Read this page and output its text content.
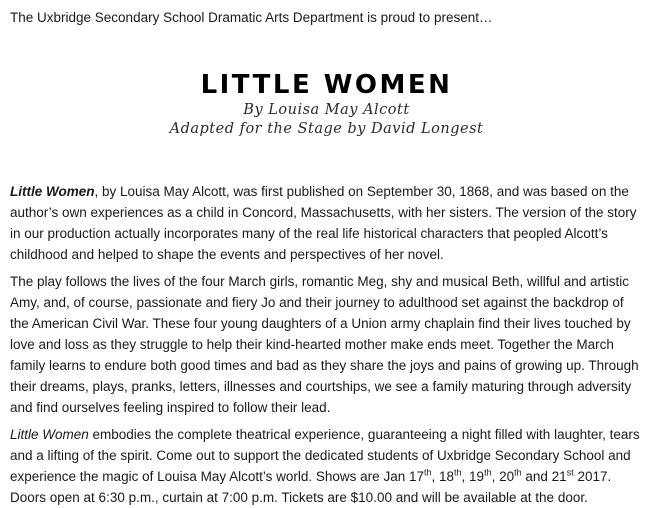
The Uxbridge Secondary School Dramatic Arts Department is proud to present…
LITTLE WOMEN
By Louisa May Alcott
Adapted for the Stage by David Longest

Little Women, by Louisa May Alcott, was first published on September 30, 1868, and was based on the author’s own experiences as a child in Concord, Massachusetts, with her sisters. The version of the story in our production actually incorporates many of the real life historical characters that peopled Alcott’s childhood and helped to shape the events and perspectives of her novel.

The play follows the lives of the four March girls, romantic Meg, shy and musical Beth, willful and artistic Amy, and, of course, passionate and fiery Jo and their journey to adulthood set against the backdrop of the American Civil War. These four young daughters of a Union army chaplain find their lives touched by love and loss as they struggle to help their kind-hearted mother make ends meet. Together the March family learns to endure both good times and bad as they share the joys and pains of growing up. Through their dreams, plays, pranks, letters, illnesses and courtships, we see a family maturing through adversity and find ourselves feeling inspired to follow their lead.

Little Women embodies the complete theatrical experience, guaranteeing a night filled with laughter, tears and a lifting of the spirit. Come out to support the dedicated students of Uxbridge Secondary School and experience the magic of Louisa May Alcott’s world. Shows are Jan 17th, 18th, 19th, 20th and 21st 2017. Doors open at 6:30 p.m., curtain at 7:00 p.m. Tickets are $10.00 and will be available at the door.
